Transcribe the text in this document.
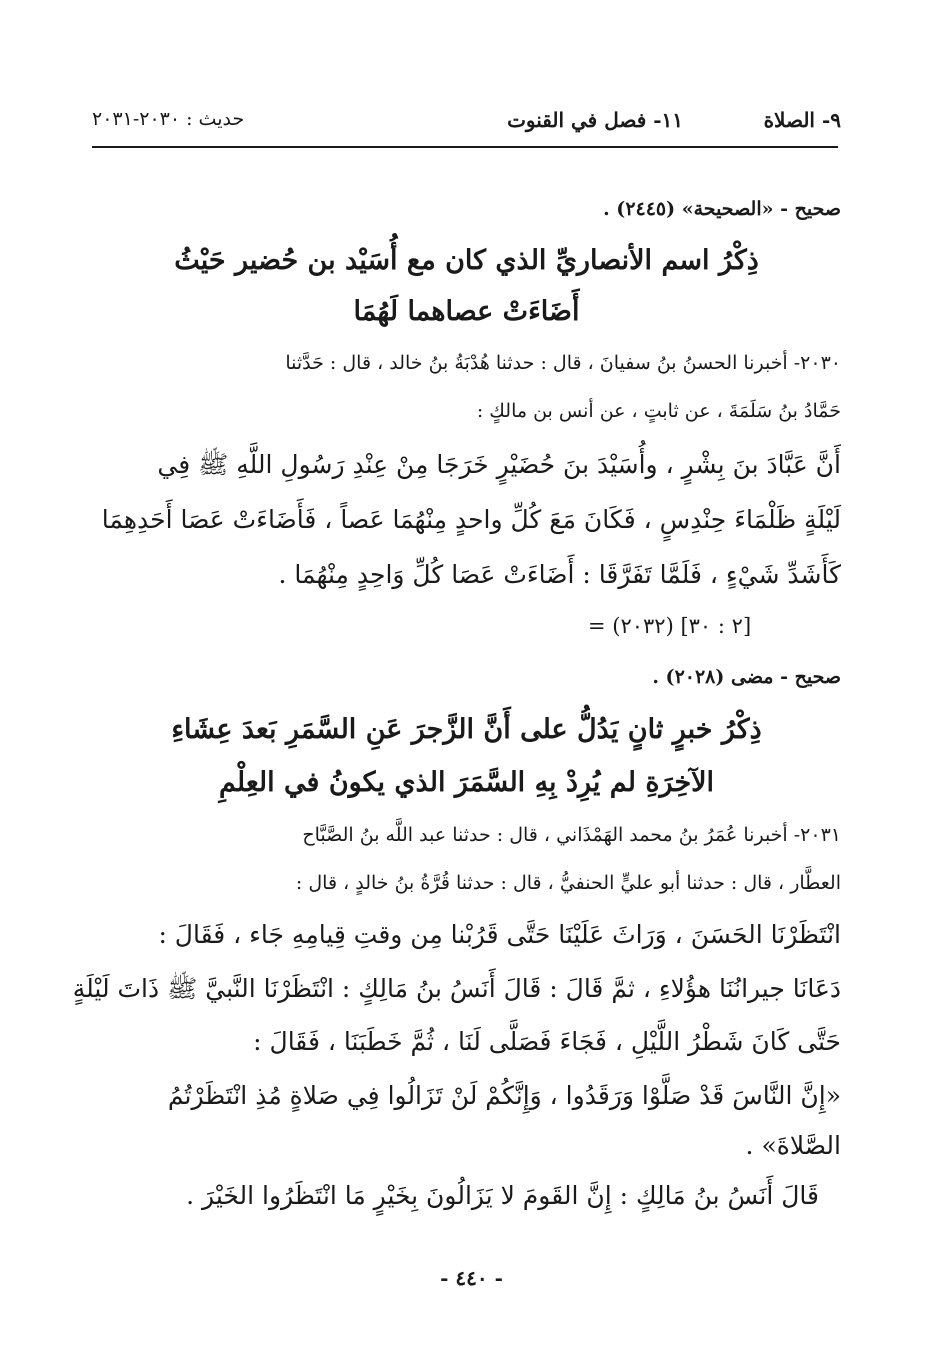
٩- الصلاة
١١- فصل في القنوت
حديث : ٢٠٣٠-٢٠٣١
صحيح - «الصحيحة» (٢٤٤٥) .
ذِكْرُ اسم الأنصاريِّ الذي كان مع أُسَيْد بن حُضير حَيْثُ
أَضَاءَتْ عصاهما لَهُمَا
٢٠٣٠- أخبرنا الحسنُ بنُ سفيانَ ، قال : حدثنا هُدْبَةُ بنُ خالد ، قال : حَدَّثنا
حَمَّادُ بنُ سَلَمَةَ ، عن ثابتٍ ، عن أنس بن مالكٍ :
أَنَّ عَبَّادَ بنَ بِشْرٍ ، وأُسَيْدَ بنَ حُضَيْرٍ خَرَجَا مِنْ عِنْدِ رَسُولِ اللَّهِ ﷺ فِي
لَيْلَةٍ ظَلْمَاءَ حِنْدِسٍ ، فَكَانَ مَعَ كُلِّ واحدٍ مِنْهُمَا عَصاً ، فَأَضَاءَتْ عَصَا أَحَدِهِمَا
كَأَشَدِّ شَيْءٍ ، فَلَمَّا تَفَرَّقَا : أَضَاءَتْ عَصَا كُلِّ وَاحِدٍ مِنْهُمَا .
= (٢٠٣٢) [٢ : ٣٠]
صحيح - مضى (٢٠٢٨) .
ذِكْرُ خبرٍ ثانٍ يَدُلُّ على أَنَّ الزَّجرَ عَنِ السَّمَرِ بَعدَ عِشَاءِ
الآخِرَةِ لم يُرِدْ بِهِ السَّمَرَ الذي يكونُ في العِلْمِ
٢٠٣١- أخبرنا عُمَرُ بنُ محمد الهَمْذَاني ، قال : حدثنا عبد اللَّه بنُ الصَّبَّاح
العطَّار ، قال : حدثنا أبو عليٍّ الحنفيُّ ، قال : حدثنا قُرَّةُ بنُ خالدٍ ، قال :
انْتَظَرْنَا الحَسَنَ ، وَرَاثَ عَلَيْنَا حَتَّى قَرُبْنا مِن وقتِ قِيامِهِ جَاء ، فَقَالَ :
دَعَانَا جيرانُنَا هؤُلاءِ ، ثمَّ قَالَ : قَالَ أَنَسُ بنُ مَالِكٍ : انْتَظَرْنَا النَّبيَّ ﷺ ذَاتَ لَيْلَةٍ
حَتَّى كَانَ شَطْرُ اللَّيْلِ ، فَجَاءَ فَصَلَّى لَنَا ، ثُمَّ خَطَبَنَا ، فَقَالَ :
«إِنَّ النَّاسَ قَدْ صَلَّوْا وَرَقَدُوا ، وَإِنَّكُمْ لَنْ تَزَالُوا فِي صَلاةٍ مُذِ انْتَظَرْتُمُ
الصَّلاةَ» .
قَالَ أَنَسُ بنُ مَالِكٍ : إِنَّ القَومَ لا يَزَالُونَ بِخَيْرٍ مَا انْتَظَرُوا الخَيْرَ .
- ٤٤٠ -
